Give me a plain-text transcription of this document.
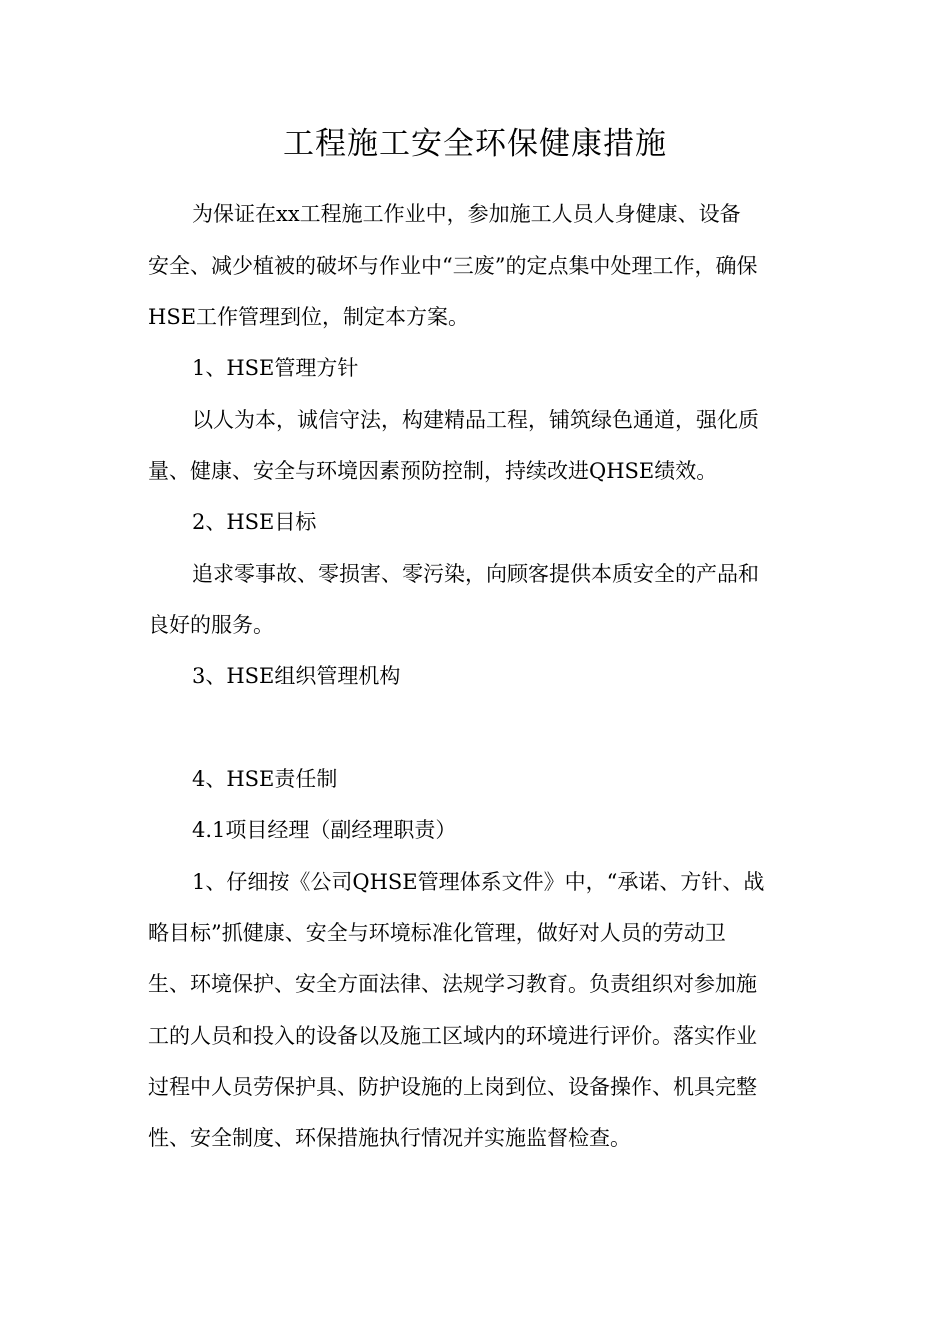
工程施工安全环保健康措施
为保证在xx工程施工作业中，参加施工人员人身健康、设备
安全、减少植被的破坏与作业中“三废”的定点集中处理工作，确保
HSE工作管理到位，制定本方案。
1、HSE管理方针
以人为本，诚信守法，构建精品工程，铺筑绿色通道，强化质
量、健康、安全与环境因素预防控制，持续改进QHSE绩效。
2、HSE目标
追求零事故、零损害、零污染，向顾客提供本质安全的产品和
良好的服务。
3、HSE组织管理机构
4、HSE责任制
4.1项目经理（副经理职责）
1、仔细按《公司QHSE管理体系文件》中，“承诺、方针、战
略目标”抓健康、安全与环境标准化管理，做好对人员的劳动卫
生、环境保护、安全方面法律、法规学习教育。负责组织对参加施
工的人员和投入的设备以及施工区域内的环境进行评价。落实作业
过程中人员劳保护具、防护设施的上岗到位、设备操作、机具完整
性、安全制度、环保措施执行情况并实施监督检查。
